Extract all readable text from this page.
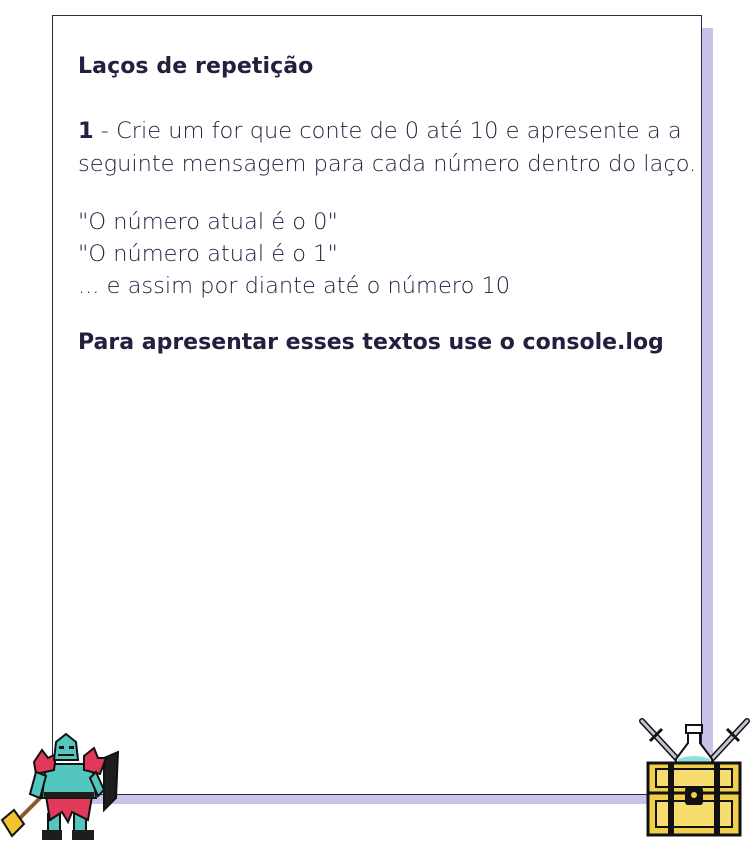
Laços de repetição
1 - Crie um for que conte de 0 até 10 e apresente a a seguinte mensagem para cada número dentro do laço.
"O número atual é o 0"
"O número atual é o 1"
... e assim por diante até o número 10
Para apresentar esses textos use o console.log
